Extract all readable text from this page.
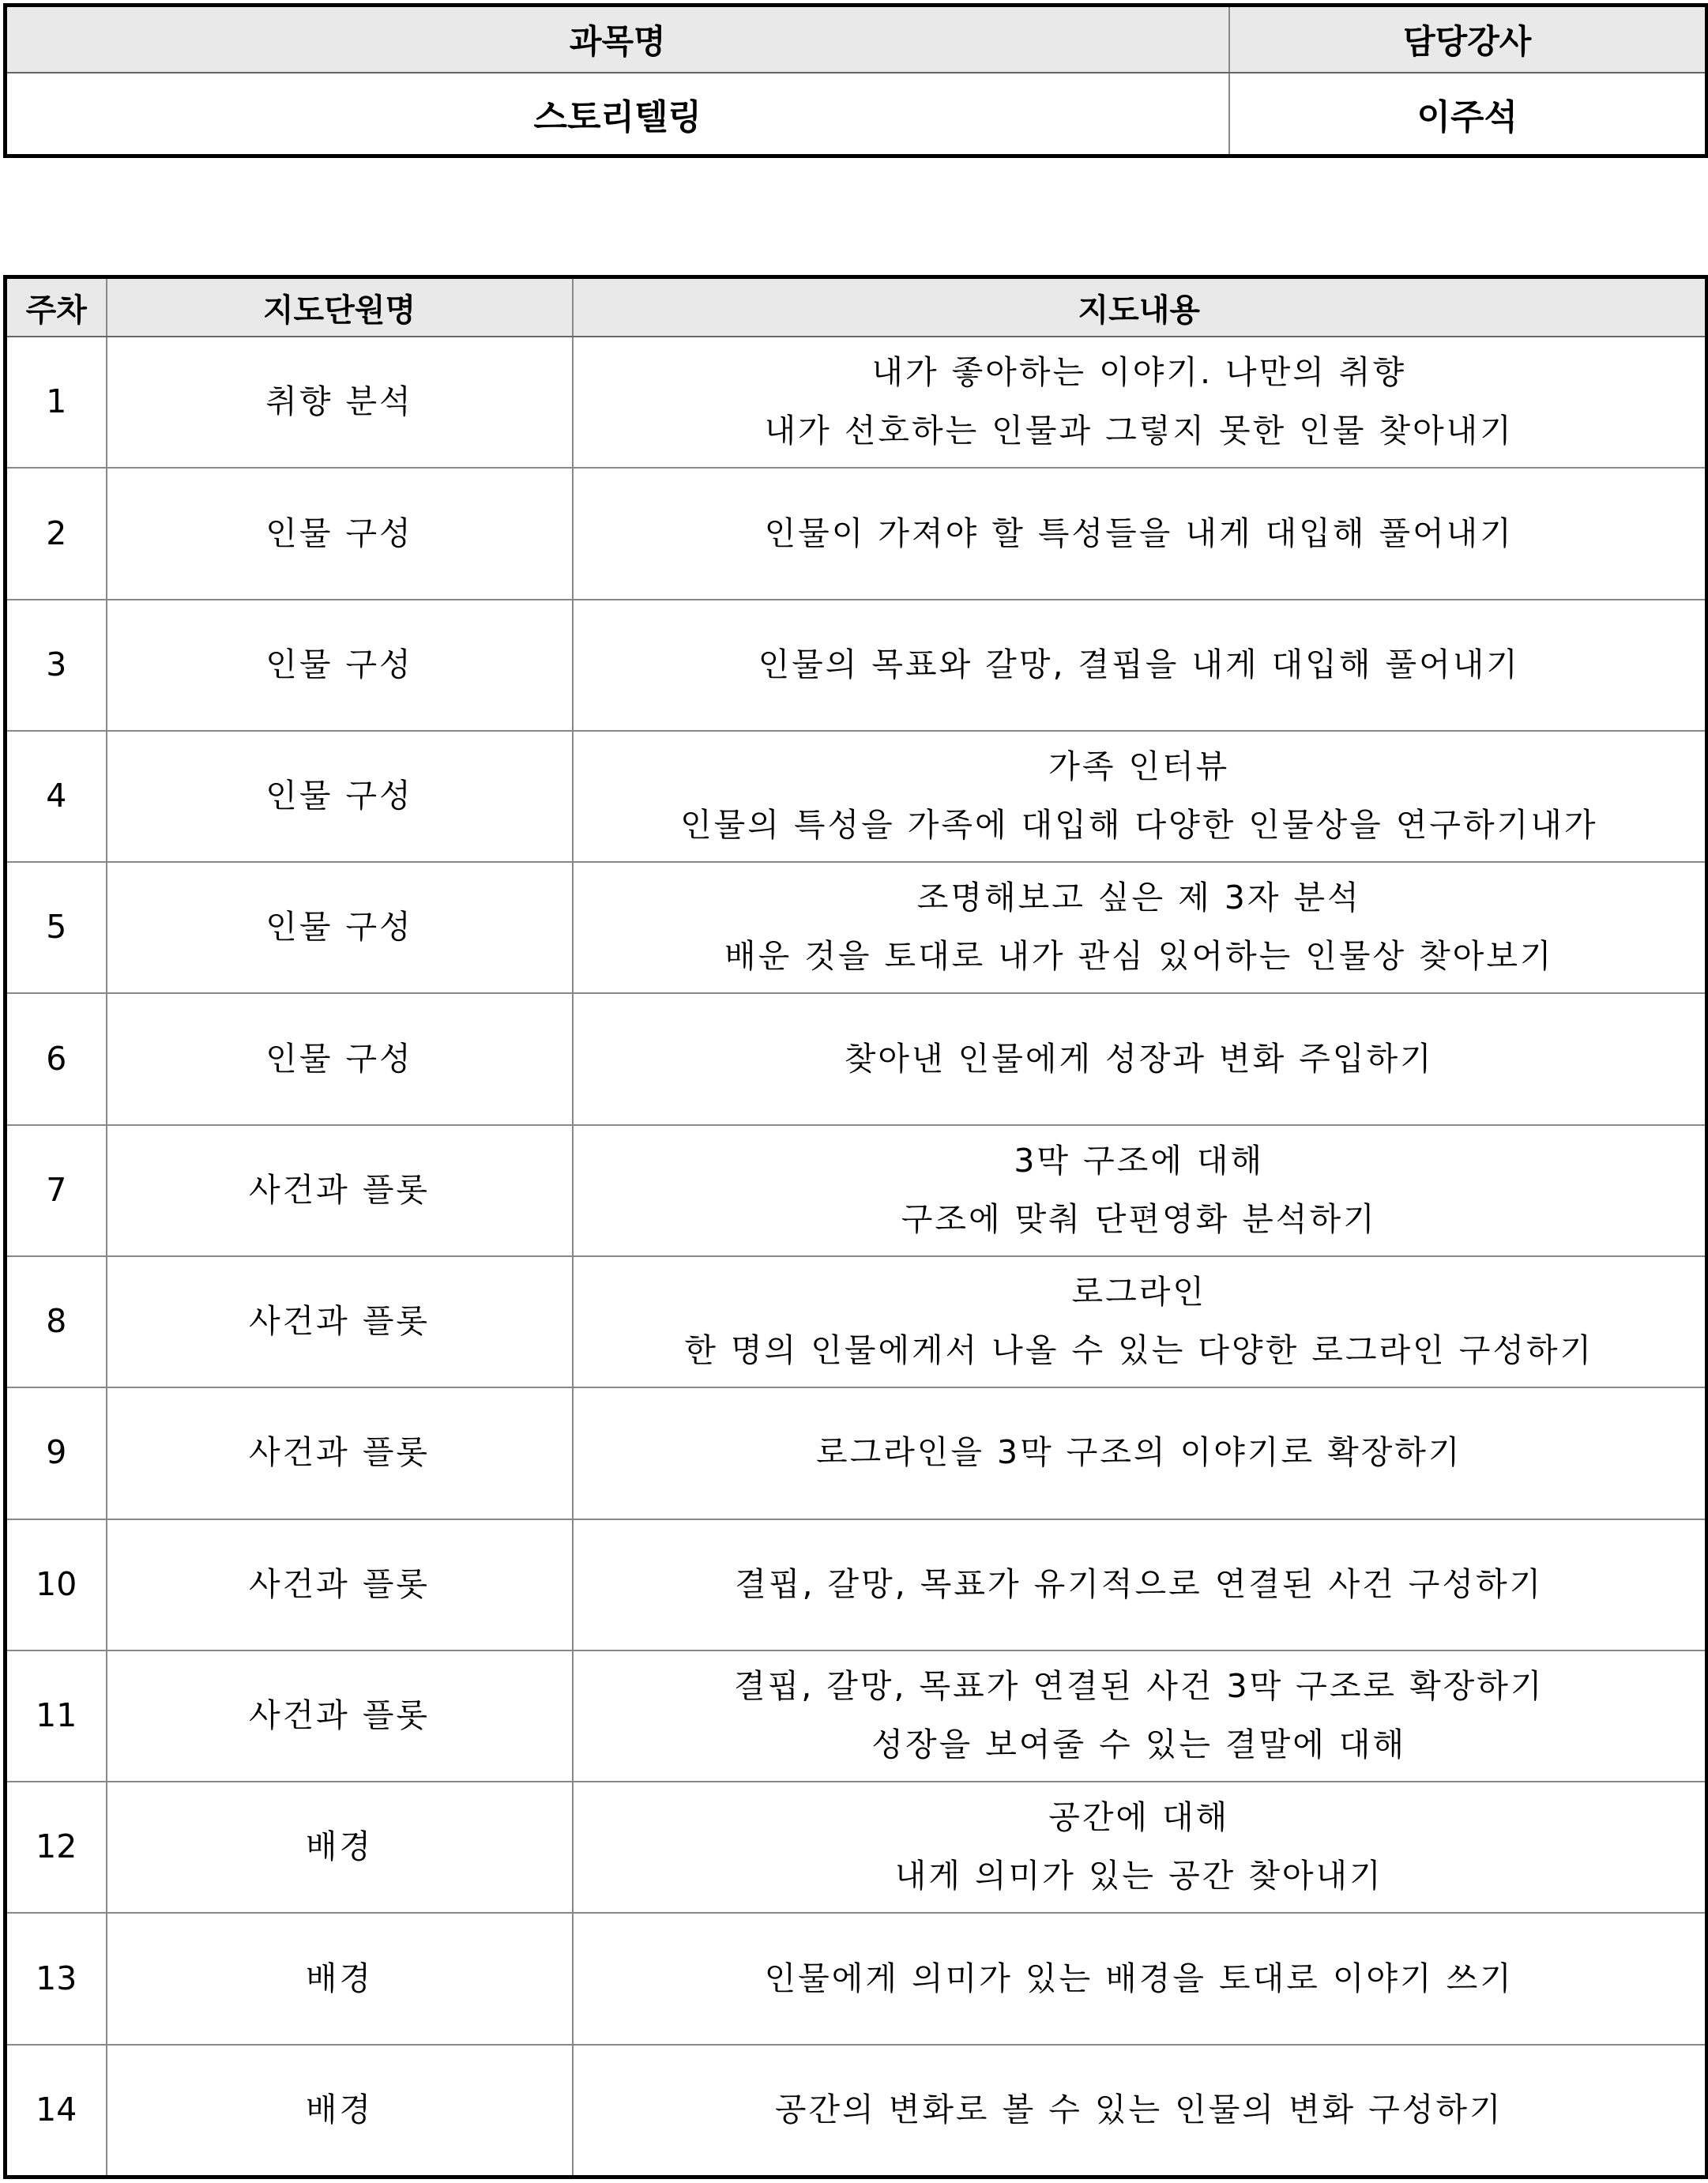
과목명	담당강사
스토리텔링	이주석
주차	지도단원명	지도내용
1	취향 분석	내가 좋아하는 이야기. 나만의 취향
내가 선호하는 인물과 그렇지 못한 인물 찾아내기

2	인물 구성	인물이 가져야 할 특성들을 내게 대입해 풀어내기

3	인물 구성	인물의 목표와 갈망, 결핍을 내게 대입해 풀어내기

4	인물 구성	가족 인터뷰
인물의 특성을 가족에 대입해 다양한 인물상을 연구하기내가

5	인물 구성	조명해보고 싶은 제 3자 분석
배운 것을 토대로 내가 관심 있어하는 인물상 찾아보기

6	인물 구성	찾아낸 인물에게 성장과 변화 주입하기

7	사건과 플롯	3막 구조에 대해
구조에 맞춰 단편영화 분석하기

8	사건과 플롯	로그라인
한 명의 인물에게서 나올 수 있는 다양한 로그라인 구성하기

9	사건과 플롯	로그라인을 3막 구조의 이야기로 확장하기

10	사건과 플롯	결핍, 갈망, 목표가 유기적으로 연결된 사건 구성하기

11	사건과 플롯	결핍, 갈망, 목표가 연결된 사건 3막 구조로 확장하기
성장을 보여줄 수 있는 결말에 대해

12	배경	공간에 대해
내게 의미가 있는 공간 찾아내기

13	배경	인물에게 의미가 있는 배경을 토대로 이야기 쓰기

14	배경	공간의 변화로 볼 수 있는 인물의 변화 구성하기
